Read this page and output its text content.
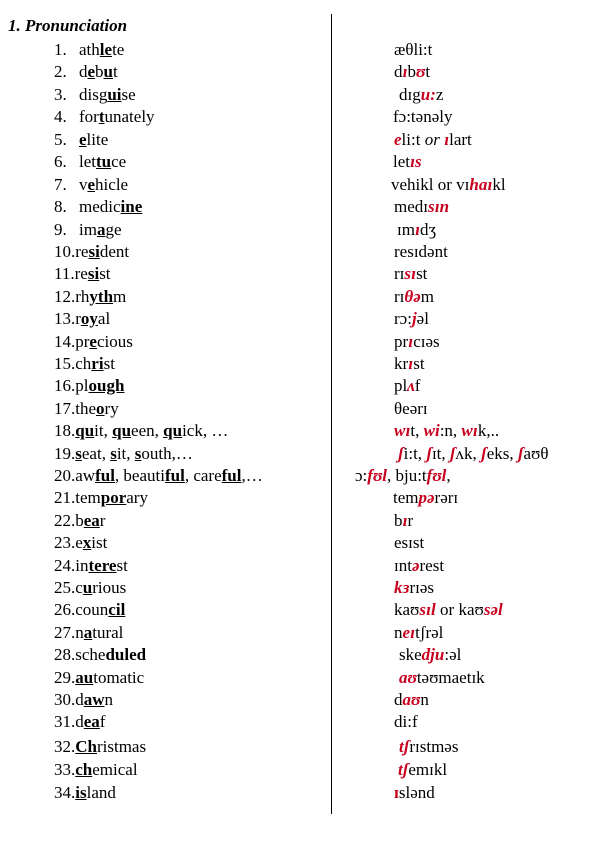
1. Pronunciation
1. athlete	æθli:t
2. debut	dɪbʊt
3. disguise	dɪgu:z
4. fortunately	fɔ:tənəly
5. elite	eli:t or ɪlart
6. lettuce	letɪs
7. vehicle	vehikl or vɪhaɪkl
8. medicine	medɪsɪn
9. image	ɪmɪdʒ
10.resident	resɪdənt
11.resist	rɪsɪst
12.rhythm	rɪθəm
13.royal	rɔ:jəl
14.precious	prɪcɪəs
15.christ	krɪst
16.plough	plʌf
17.theory	θeərɪ
18.quit, queen, quick, …	wɪt, wi:n, wɪk,..
19.seat, sit, south,…	ʃi:t, ʃɪt, ʃʌk, ʃeks, ʃaʊθ
20.awful, beautiful, careful,…	ɔ:fʊl, bju:tfʊl,
21.temporary	tempərərɪ
22.bear	bɪr
23.exist	esɪst
24.interest	ɪntərest
25.curious	kɜrɪəs
26.council	kaʊsɪl or kaʊsəl
27.natural	neɪtʃrəl
28.scheduled	skedju:əl
29.automatic	aʊtəʊmaetɪk
30.dawn	daʊn
31.deaf	di:f
32.Christmas	tʃrɪstməs
33.chemical	tʃemɪkl
34.island	ɪslənd
